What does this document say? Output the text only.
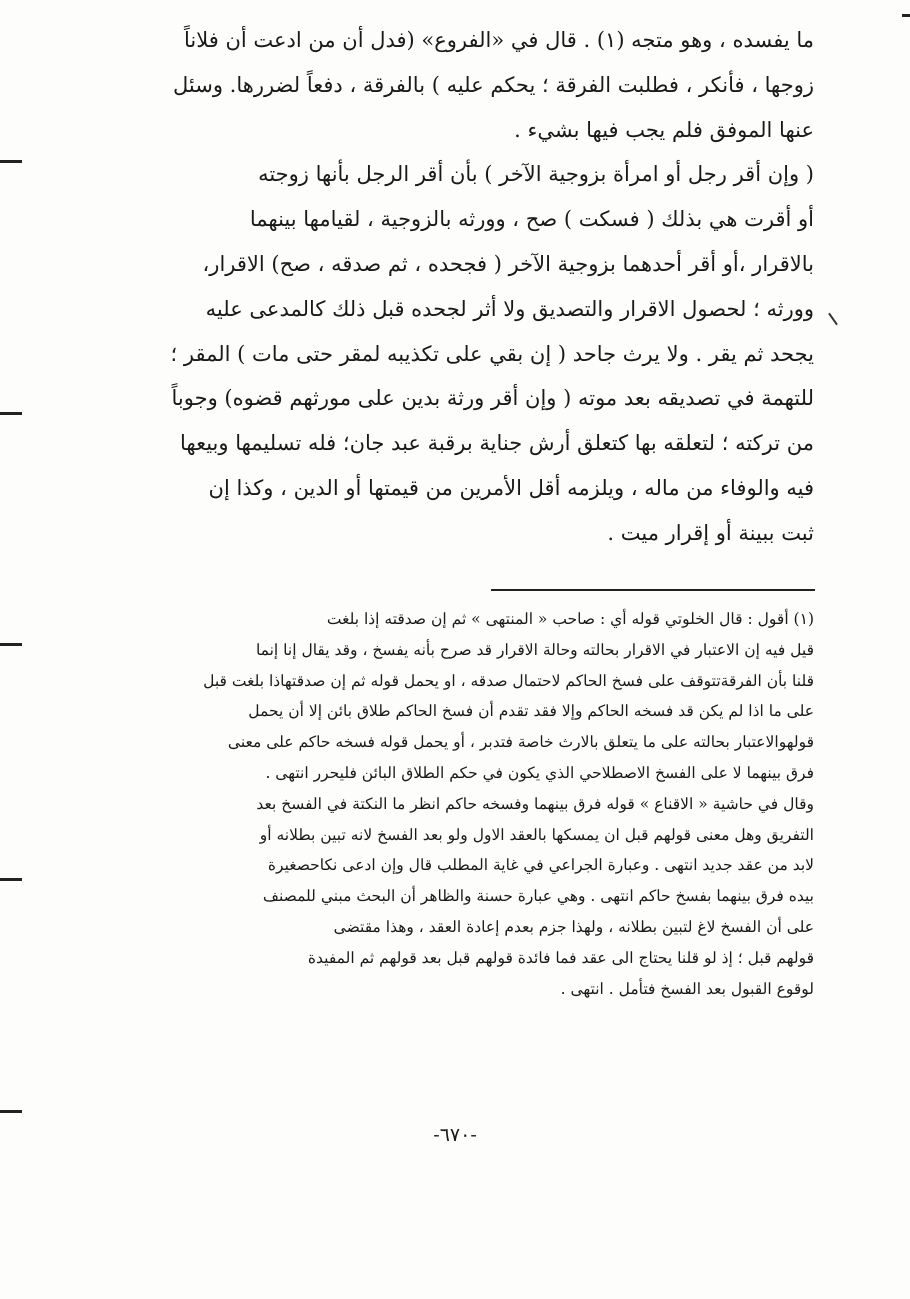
ما يفسده ، وهو متجه (١) . قال في «الفروع» (فدل أن من ادعت أن فلاناً
زوجها ، فأنكر ، فطلبت الفرقة ؛ يحكم عليه ) بالفرقة ، دفعاً لضررها. وسئل
عنها الموفق فلم يجب فيها بشيء .
( وإن أقر رجل أو امرأة بزوجية الآخر ) بأن أقر الرجل بأنها زوجته
أو أقرت هي بذلك ( فسكت ) صح ، وورثه بالزوجية ، لقيامها بينهما
بالاقرار ،أو أقر أحدهما بزوجية الآخر ( فجحده ، ثم صدقه ، صح) الاقرار،
وورثه ؛ لحصول الاقرار والتصديق ولا أثر لجحده قبل ذلك كالمدعى عليه
يجحد ثم يقر . ولا يرث جاحد ( إن بقي على تكذيبه لمقر حتى مات ) المقر ؛
للتهمة في تصديقه بعد موته ( وإن أقر ورثة بدين على مورثهم قضوه) وجوباً
من تركته ؛ لتعلقه بها كتعلق أرش جناية برقبة عبد جان؛ فله تسليمها وبيعها
فيه والوفاء من ماله ، ويلزمه أقل الأمرين من قيمتها أو الدين ، وكذا إن
ثبت ببينة أو إقرار ميت .
(١) أقول : قال الخلوتي قوله أي : صاحب « المنتهى » ثم إن صدقته إذا بلغت
قيل فيه إن الاعتبار في الاقرار بحالته وحالة الاقرار قد صرح بأنه يفسخ ، وقد يقال إنا إنما
قلنا بأن الفرقةتتوقف على فسخ الحاكم لاحتمال صدقه ، او يحمل قوله ثم إن صدقتهاذا بلغت قبل
على ما اذا لم يكن قد فسخه الحاكم وإلا فقد تقدم أن فسخ الحاكم طلاق بائن إلا أن يحمل
قولهوالاعتبار بحالته على ما يتعلق بالارث خاصة فتدبر ، أو يحمل قوله فسخه حاكم على معنى
فرق بينهما لا على الفسخ الاصطلاحي الذي يكون في حكم الطلاق البائن فليحرر انتهى .
وقال في حاشية « الاقناع » قوله فرق بينهما وفسخه حاكم انظر ما النكتة في الفسخ بعد
التفريق وهل معنى قولهم قبل ان يمسكها بالعقد الاول ولو بعد الفسخ لانه تبين بطلانه أو
لابد من عقد جديد انتهى . وعبارة الجراعي في غاية المطلب قال وإن ادعى نكاحصغيرة
بيده فرق بينهما بفسخ حاكم انتهى . وهي عبارة حسنة والظاهر أن البحث مبني للمصنف
على أن الفسخ لاغ لتبين بطلانه ، ولهذا جزم بعدم إعادة العقد ، وهذا مقتضى
قولهم قبل ؛ إذ لو قلنا يحتاج الى عقد فما فائدة قولهم قبل بعد قولهم ثم المفيدة
لوقوع القبول بعد الفسخ فتأمل . انتهى .
-٦٧٠-
